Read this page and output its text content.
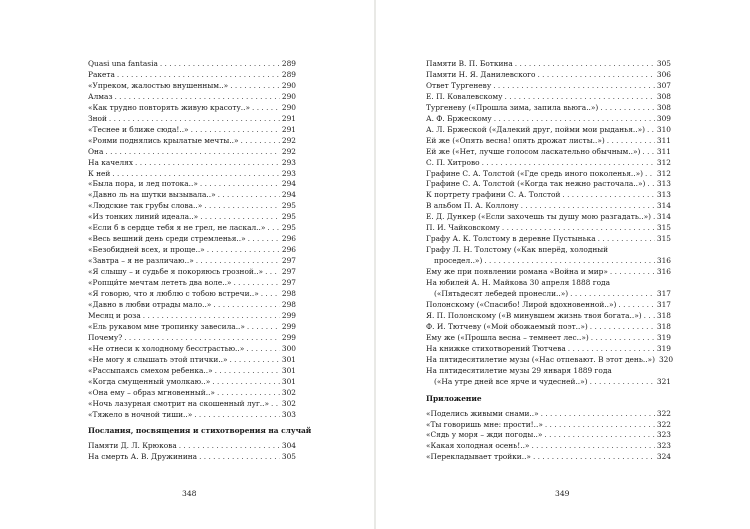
Quasi una fantasia . . .	289
Ракета . . .	289
«Упреком, жалостью внушенным..» . . .	290
Алмаз . . .	290
«Как трудно повторять живую красоту..» . . .	290
Зной . . .	291
«Теснее и ближе сюда!..» . . .	291
«Роями поднялись крылатые мечты..» . . .	292
Она . . .	292
На качелях . . .	293
К ней . . .	293
«Была пора, и лед потока..» . . .	294
«Давно ль на шутки вызывала..» . . .	294
«Людские так грубы слова..» . . .	295
«Из тонких линий идеала..» . . .	295
«Если б в сердце тебя я не грел, не ласкал..» . . . 295
«Весь вешний день среди стремленья..» . . .	296
«Безобидней всех, и проще..» . . .	296
«Завтра – я не различаю..» . . .	297
«Я слышу – и судьбе я покоряюсь грозной..» . . .	297
«Ропщи́те мечтам лететь два воле..» . . .	297
«Я говорю, что я люблю с тобою встречи..» . . .	298
«Давно в любви отрады мало..» . . .	298
Месяц и роза . . .	299
«Ель рукавом мне тропинку завесила..» . . .	299
Почему? . . .	299
«Не отнеси к холодному бесстрастью..» . . .	300
«Не могу я слышать этой птички..» . . .	301
«Рассыпаясь смехом ребенка..» . . .	301
«Когда смущенный умолкаю..» . . .	301
«Она ему – образ мгновенный..» . . .	302
«Ночь лазурная смотрит на скошенный луг..» . . . 302
«Тяжело в ночной тиши..» . . .	303
Послания, посвящения и стихотворения на случай
Памяти Д. Л. Крюкова . . .	304
На смерть А. В. Дружинина . . .	305
348
Памяти В. П. Боткина . . .	305
Памяти Н. Я. Данилевского . . .	306
Ответ Тургеневу . . .	307
Е. П. Ковалевскому . . .	308
Тургеневу («Прошла зима, запила вьюга..») . . .	308
А. Ф. Бржескому . . .	309
А. Л. Бржеской («Далекий друг, пойми мои рыданья..») . . . 310
Ей же («Опять весна! опять дрожат листы..») . . .	311
Ей же («Нет, лучше голосом ласкательно обычным..») . . . 311
С. П. Хитрово . . .	312
Графине С. А. Толстой («Где средь иного поколенья..») . . . 312
Графине С. А. Толстой («Когда так нежно расточала..») . . . 313
К портрету графини С. А. Толстой . . .	313
В альбом П. А. Коллону . . .	314
Е. Д. Дункер («Если захочешь ты душу мою разгадать..») . . . 314
П. И. Чайковскому . . .	315
Графу А. К. Толстому в деревне Пустынька . . .	315
Графу Л. Н. Толстому («Как вперёд, холодный
проседел..») . . .	316
Ему же при появлении романа «Война и мир» . . .	316
На юбилей А. Н. Майкова 30 апреля 1888 года
(«Пятьдесят лебедей пронесли..») . . .	317
Полонскому («Спасибо! Лирой вдохновенной..») . . .	317
Я. П. Полонскому («В минувшем жизнь твоя богата..») . . . 318
Ф. И. Тютчеву («Мой обожаемый поэт..») . . .	318
Ему же («Прошла весна – темнеет лес..») . . .	319
На книжке стихотворений Тютчева . . .	319
На пятидесятилетие музы («Нас отпевают. В этот день..») 320
На пятидесятилетие музы 29 января 1889 года
(«На утре дней все ярче и чудесней..») . . .	321
Приложение
«Поделись живыми снами..» . . .	322
«Ты говоришь мне: прости!..» . . .	322
«Сядь у моря – жди погоды..» . . .	323
«Какая холодная осень!..» . . .	323
«Перекладывает тройки..» . . .	324
349
